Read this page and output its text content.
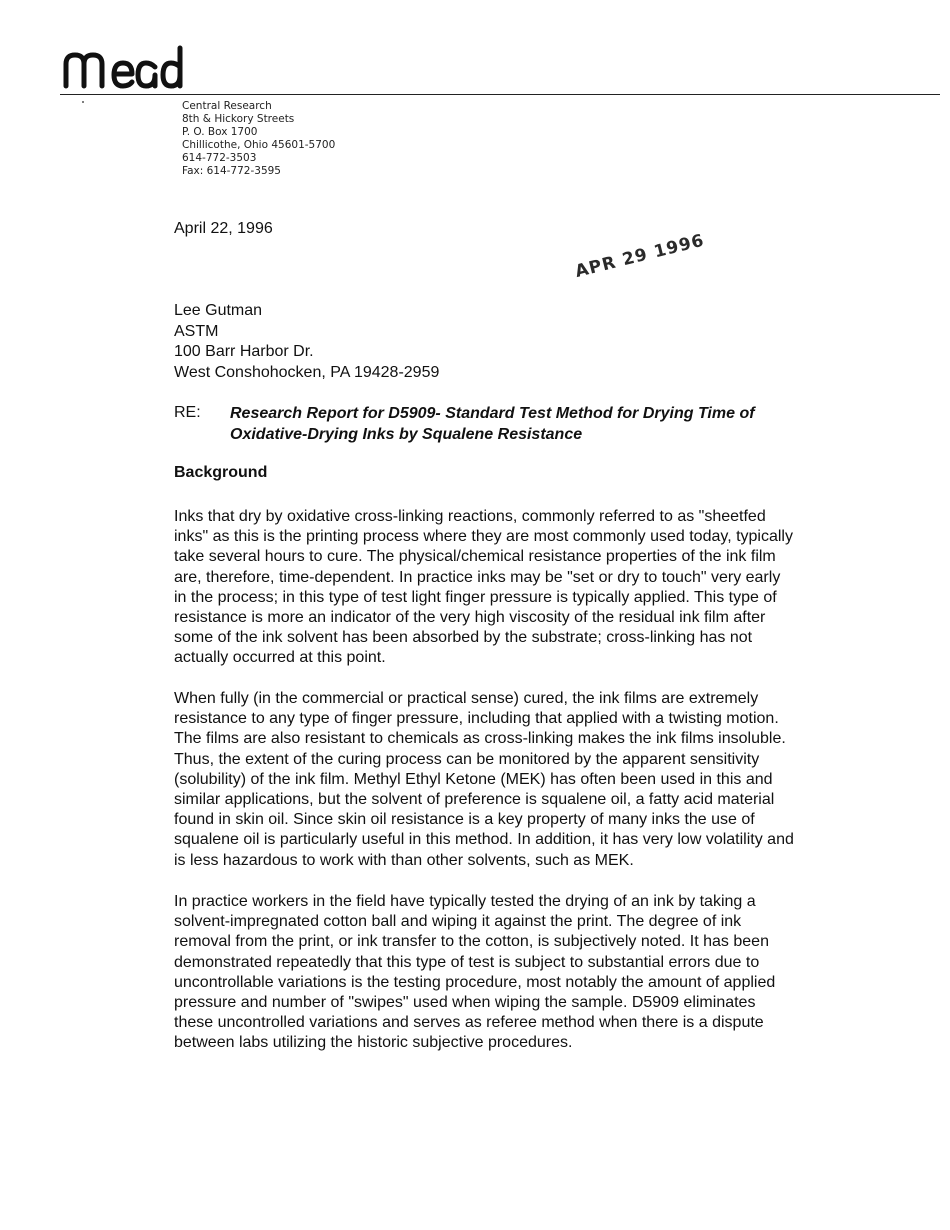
Central Research
8th & Hickory Streets
P. O. Box 1700
Chillicothe, Ohio 45601-5700
614-772-3503
Fax: 614-772-3595
April 22, 1996
APR 29 1996
Lee Gutman
ASTM
100 Barr Harbor Dr.
West Conshohocken, PA 19428-2959
RE: Research Report for D5909- Standard Test Method for Drying Time of
Oxidative-Drying Inks by Squalene Resistance
Background
Inks that dry by oxidative cross-linking reactions, commonly referred to as "sheetfed
inks" as this is the printing process where they are most commonly used today, typically
take several hours to cure. The physical/chemical resistance properties of the ink film
are, therefore, time-dependent. In practice inks may be "set or dry to touch" very early
in the process; in this type of test light finger pressure is typically applied. This type of
resistance is more an indicator of the very high viscosity of the residual ink film after
some of the ink solvent has been absorbed by the substrate; cross-linking has not
actually occurred at this point.
When fully (in the commercial or practical sense) cured, the ink films are extremely
resistance to any type of finger pressure, including that applied with a twisting motion.
The films are also resistant to chemicals as cross-linking makes the ink films insoluble.
Thus, the extent of the curing process can be monitored by the apparent sensitivity
(solubility) of the ink film. Methyl Ethyl Ketone (MEK) has often been used in this and
similar applications, but the solvent of preference is squalene oil, a fatty acid material
found in skin oil. Since skin oil resistance is a key property of many inks the use of
squalene oil is particularly useful in this method. In addition, it has very low volatility and
is less hazardous to work with than other solvents, such as MEK.
In practice workers in the field have typically tested the drying of an ink by taking a
solvent-impregnated cotton ball and wiping it against the print. The degree of ink
removal from the print, or ink transfer to the cotton, is subjectively noted. It has been
demonstrated repeatedly that this type of test is subject to substantial errors due to
uncontrollable variations is the testing procedure, most notably the amount of applied
pressure and number of "swipes" used when wiping the sample. D5909 eliminates
these uncontrolled variations and serves as referee method when there is a dispute
between labs utilizing the historic subjective procedures.
